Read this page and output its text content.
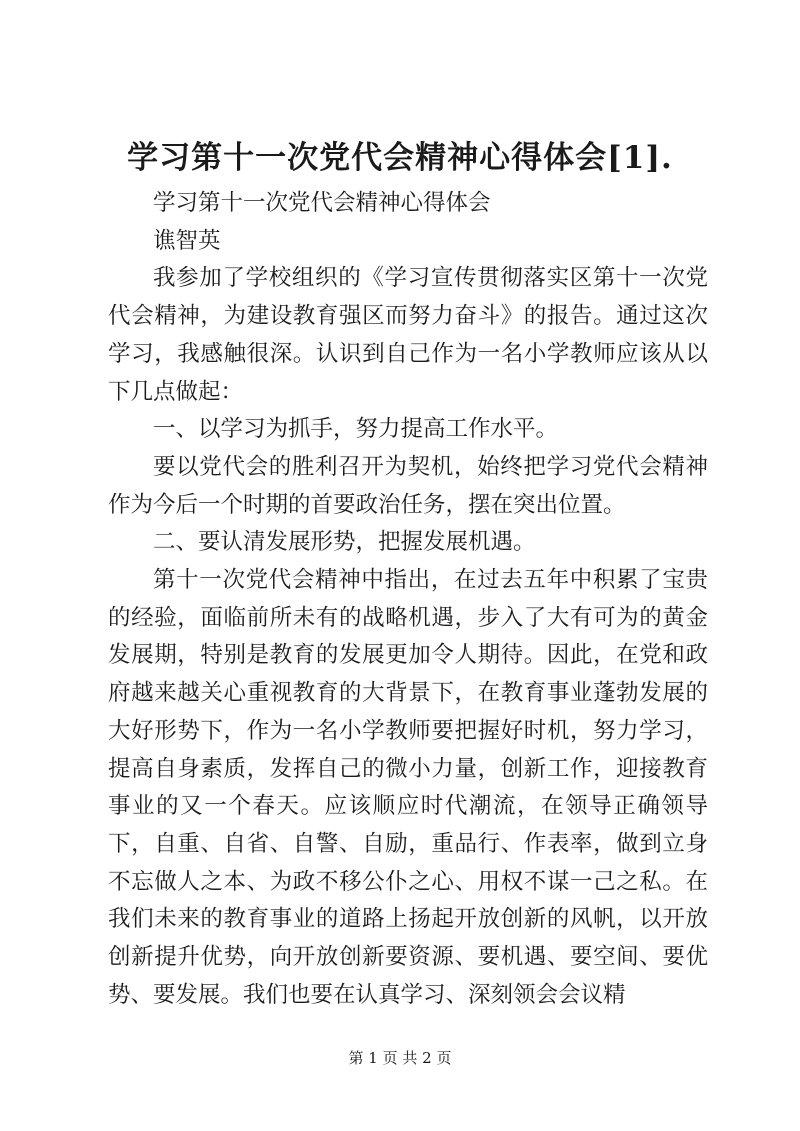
学习第十一次党代会精神心得体会[1].

学习第十一次党代会精神心得体会

谯智英

我参加了学校组织的《学习宣传贯彻落实区第十一次党代会精神，为建设教育强区而努力奋斗》的报告。通过这次学习，我感触很深。认识到自己作为一名小学教师应该从以下几点做起：

一、以学习为抓手，努力提高工作水平。

要以党代会的胜利召开为契机，始终把学习党代会精神作为今后一个时期的首要政治任务，摆在突出位置。

二、要认清发展形势，把握发展机遇。

第十一次党代会精神中指出，在过去五年中积累了宝贵的经验，面临前所未有的战略机遇，步入了大有可为的黄金发展期，特别是教育的发展更加令人期待。因此，在党和政府越来越关心重视教育的大背景下，在教育事业蓬勃发展的大好形势下，作为一名小学教师要把握好时机，努力学习，提高自身素质，发挥自己的微小力量，创新工作，迎接教育事业的又一个春天。应该顺应时代潮流，在领导正确领导下，自重、自省、自警、自励，重品行、作表率，做到立身不忘做人之本、为政不移公仆之心、用权不谋一己之私。在我们未来的教育事业的道路上扬起开放创新的风帆，以开放创新提升优势，向开放创新要资源、要机遇、要空间、要优势、要发展。我们也要在认真学习、深刻领会会议精

第 1 页 共 2 页
